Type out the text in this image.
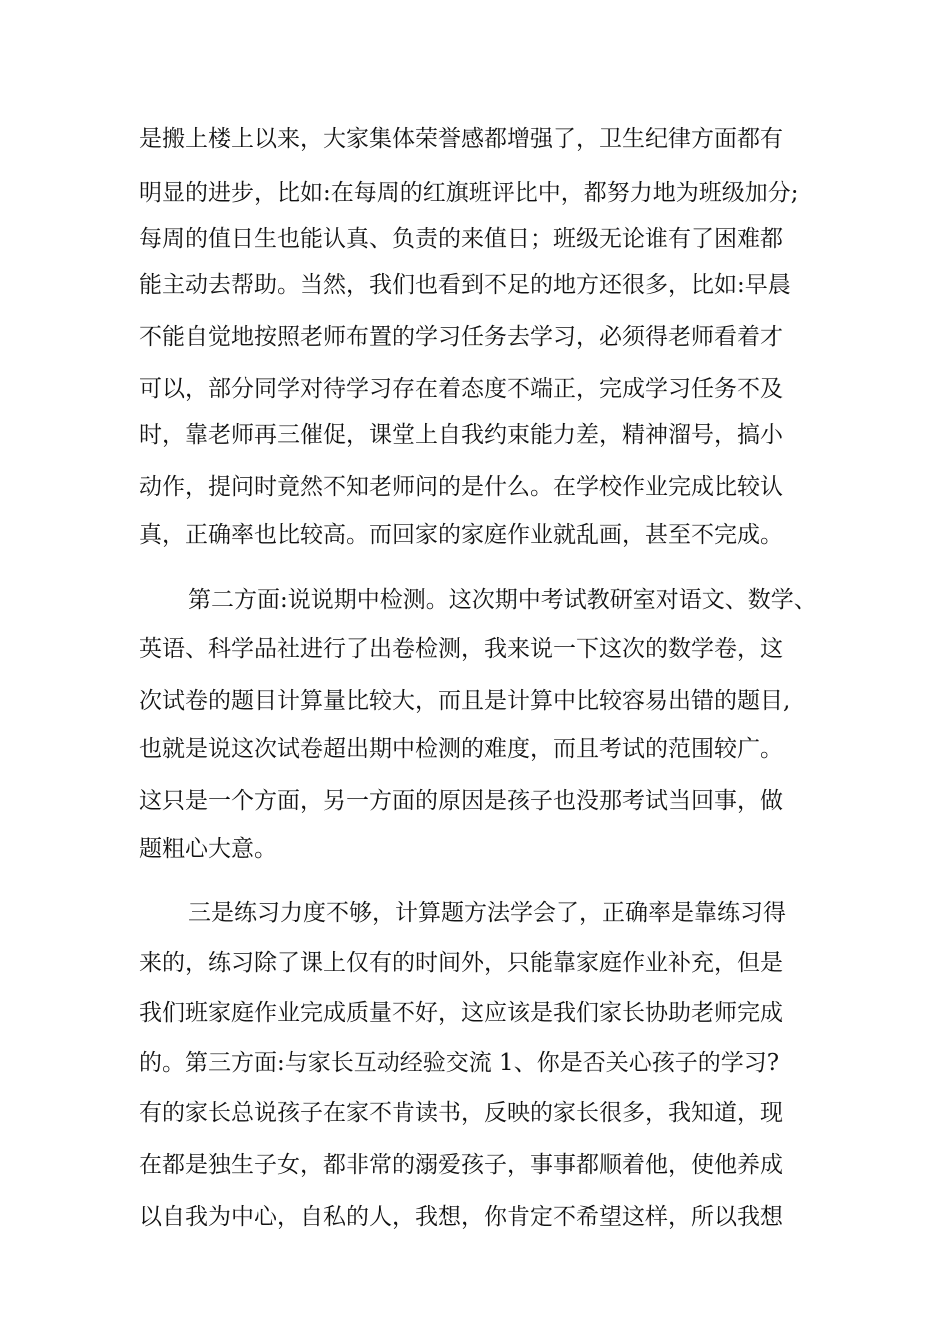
是搬上楼上以来，大家集体荣誉感都增强了，卫生纪律方面都有
明显的进步，比如:在每周的红旗班评比中，都努力地为班级加分;
每周的值日生也能认真、负责的来值日；班级无论谁有了困难都
能主动去帮助。当然，我们也看到不足的地方还很多，比如:早晨
不能自觉地按照老师布置的学习任务去学习，必须得老师看着才
可以，部分同学对待学习存在着态度不端正，完成学习任务不及
时，靠老师再三催促，课堂上自我约束能力差，精神溜号，搞小
动作，提问时竟然不知老师问的是什么。在学校作业完成比较认
真，正确率也比较高。而回家的家庭作业就乱画，甚至不完成。
第二方面:说说期中检测。这次期中考试教研室对语文、数学、
英语、科学品社进行了出卷检测，我来说一下这次的数学卷，这
次试卷的题目计算量比较大，而且是计算中比较容易出错的题目,
也就是说这次试卷超出期中检测的难度，而且考试的范围较广。
这只是一个方面，另一方面的原因是孩子也没那考试当回事，做
题粗心大意。
三是练习力度不够，计算题方法学会了，正确率是靠练习得
来的，练习除了课上仅有的时间外，只能靠家庭作业补充，但是
我们班家庭作业完成质量不好，这应该是我们家长协助老师完成
的。第三方面:与家长互动经验交流 1、你是否关心孩子的学习?
有的家长总说孩子在家不肯读书，反映的家长很多，我知道，现
在都是独生子女，都非常的溺爱孩子，事事都顺着他，使他养成
以自我为中心，自私的人，我想，你肯定不希望这样，所以我想
